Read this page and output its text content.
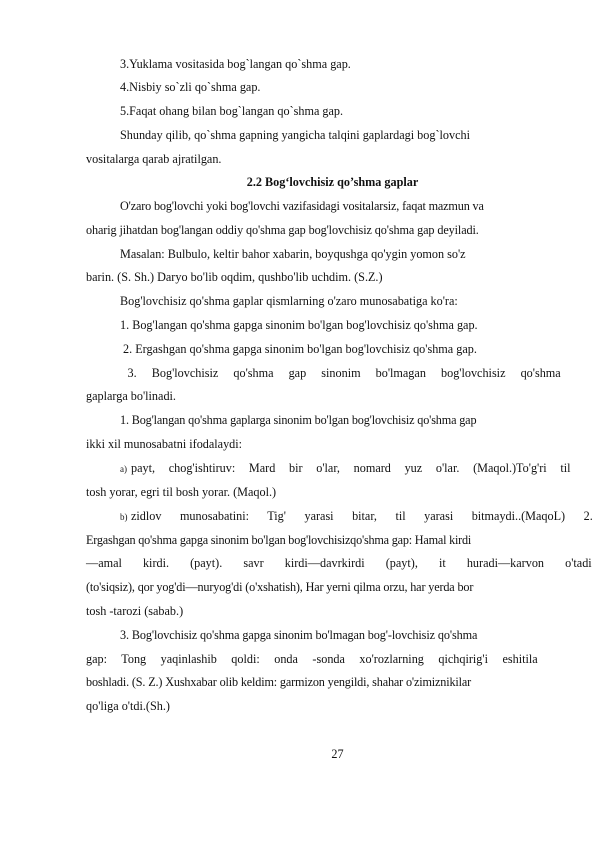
3.Yuklama vositasida bog`langan qo`shma gap.
4.Nisbiy so`zli qo`shma gap.
5.Faqat ohang bilan bog`langan qo`shma gap.
Shunday qilib, qo`shma gapning yangicha talqini gaplardagi bog`lovchi
vositalarga qarab ajratilgan.
2.2 Bog‘lovchisiz qo’shma gaplar
O'zaro bog'lovchi yoki bog'lovchi vazifasidagi vositalarsiz, faqat mazmun va
oharig jihatdan bog'langan oddiy qo'shma gap bog'lovchisiz qo'shma gap deyiladi.
Masalan: Bulbulo, keltir bahor xabarin, boyqushga qo'ygin yomon so'z
barin. (S. Sh.) Daryo bo'lib oqdim, qushbo'lib uchdim. (S.Z.)
Bog'lovchisiz qo'shma gaplar qismlarning o'zaro munosabatiga ko'ra:
1. Bog'langan qo'shma gapga sinonim bo'lgan bog'lovchisiz qo'shma gap.
2. Ergashgan qo'shma gapga sinonim bo'lgan bog'lovchisiz qo'shma gap.
3.  Bog'lovchisiz  qo'shma  gap  sinonim  bo'lmagan  bog'lovchisiz  qo'shma
gaplarga bo'linadi.
1. Bog'langan qo'shma gaplarga sinonim bo'lgan bog'lovchisiz qo'shma gap
ikki xil munosabatni ifodalaydi:
a) payt,  chog'ishtiruv:  Mard  bir  o'lar,  nomard  yuz  o'lar.  (Maqol.)To'g'ri  til
tosh yorar, egri til bosh yorar. (Maqol.)
b) zidlov  munosabatini:  Tig'  yarasi  bitar,  til  yarasi  bitmaydi..(MaqoL)  2.
Ergashgan qo'shma gapga sinonim bo'lgan bog'lovchisizqo'shma gap: Hamal kirdi
—amal  kirdi.  (payt).  savr  kirdi—davrkirdi  (payt),  it  huradi—karvon  o'tadi
(to'siqsiz), qor yog'di—nuryog'di (o'xshatish), Har yerni qilma orzu, har yerda bor
tosh -tarozi (sabab.)
3. Bog'lovchisiz qo'shma gapga sinonim bo'lmagan bog'-lovchisiz qo'shma
gap:  Tong  yaqinlashib  qoldi:  onda  -sonda  xo'rozlarning  qichqirig'i  eshitila
boshladi. (S. Z.) Xushxabar olib keldim: garmizon yengildi, shahar o'zimiznikilar
qo'liga o'tdi.(Sh.)
27
